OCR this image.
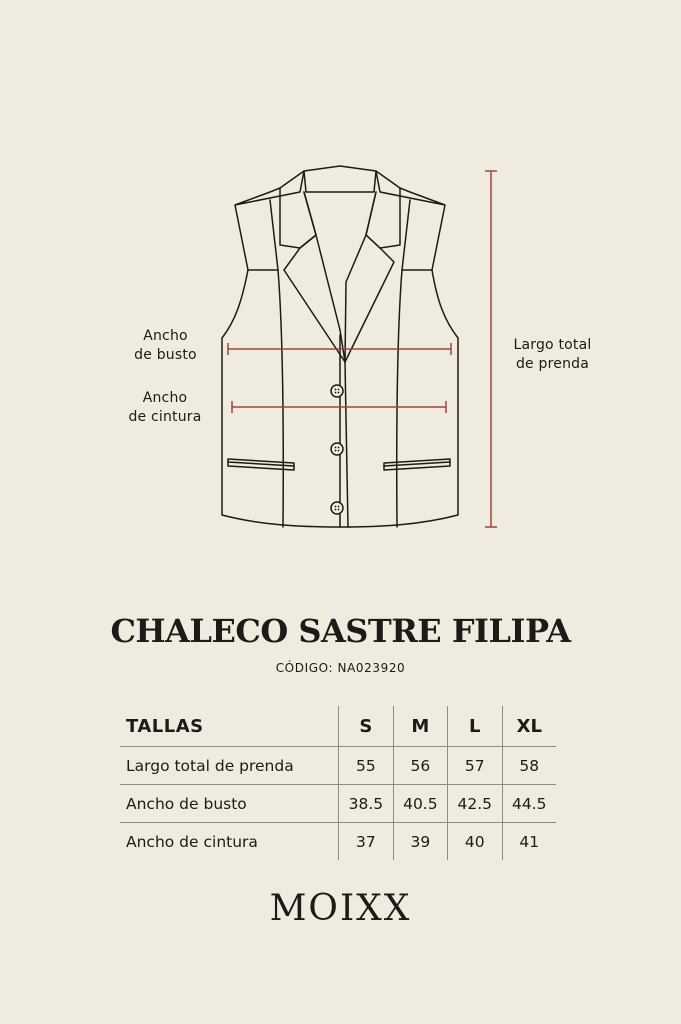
Ancho
de busto
Ancho
de cintura
Largo total
de prenda
CHALECO SASTRE FILIPA
CÓDIGO: NA023920
TALLAS	S	M	L	XL
Largo total de prenda	55	56	57	58
Ancho de busto	38.5	40.5	42.5	44.5
Ancho de cintura	37	39	40	41
MOIXX
